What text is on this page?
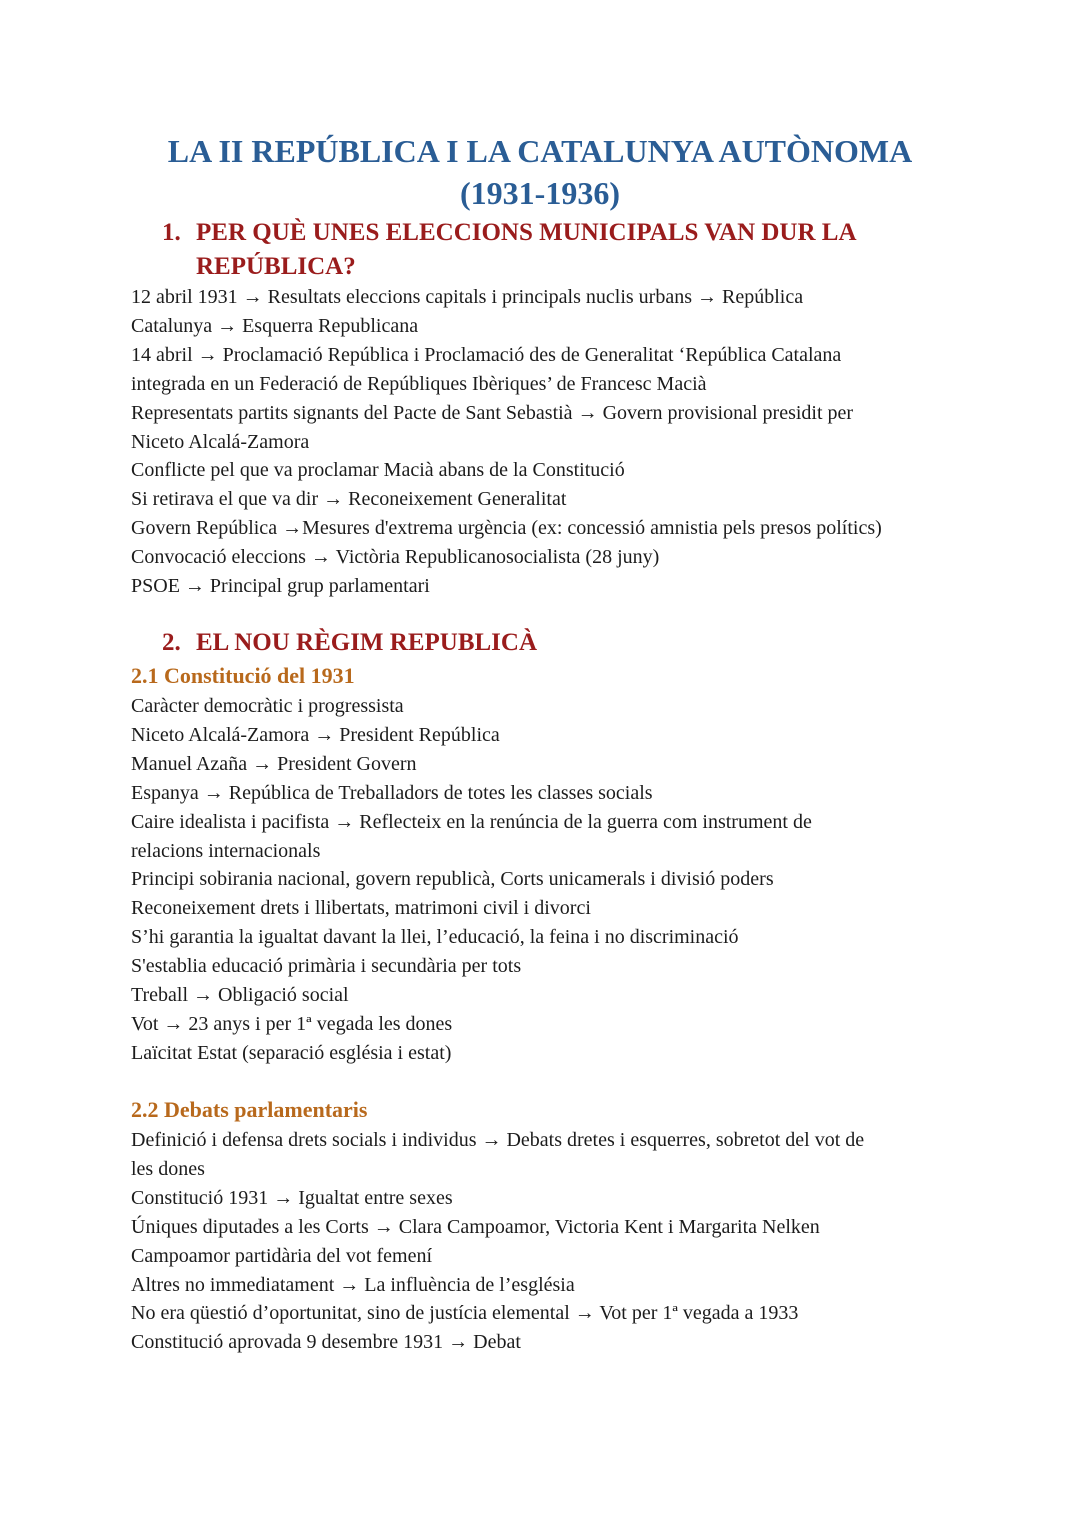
LA II REPÚBLICA I LA CATALUNYA AUTÒNOMA
(1931-1936)
1. PER QUÈ UNES ELECCIONS MUNICIPALS VAN DUR LA
REPÚBLICA?
12 abril 1931 → Resultats eleccions capitals i principals nuclis urbans → República
Catalunya → Esquerra Republicana
14 abril → Proclamació República i Proclamació des de Generalitat ‘República Catalana
integrada en un Federació de Repúbliques Ibèriques’ de Francesc Macià
Representats partits signants del Pacte de Sant Sebastià → Govern provisional presidit per
Niceto Alcalá-Zamora
Conflicte pel que va proclamar Macià abans de la Constitució
Si retirava el que va dir → Reconeixement Generalitat
Govern República →Mesures d'extrema urgència (ex: concessió amnistia pels presos polítics)
Convocació eleccions → Victòria Republicanosocialista (28 juny)
PSOE → Principal grup parlamentari
2. EL NOU RÈGIM REPUBLICÀ
2.1 Constitució del 1931
Caràcter democràtic i progressista
Niceto Alcalá-Zamora → President República
Manuel Azaña → President Govern
Espanya → República de Treballadors de totes les classes socials
Caire idealista i pacifista → Reflecteix en la renúncia de la guerra com instrument de
relacions internacionals
Principi sobirania nacional, govern republicà, Corts unicamerals i divisió poders
Reconeixement drets i llibertats, matrimoni civil i divorci
S’hi garantia la igualtat davant la llei, l’educació, la feina i no discriminació
S'establia educació primària i secundària per tots
Treball → Obligació social
Vot → 23 anys i per 1ª vegada les dones
Laïcitat Estat (separació església i estat)
2.2 Debats parlamentaris
Definició i defensa drets socials i individus → Debats dretes i esquerres, sobretot del vot de
les dones
Constitució 1931 → Igualtat entre sexes
Úniques diputades a les Corts → Clara Campoamor, Victoria Kent i Margarita Nelken
Campoamor partidària del vot femení
Altres no immediatament → La influència de l’església
No era qüestió d’oportunitat, sino de justícia elemental → Vot per 1ª vegada a 1933
Constitució aprovada 9 desembre 1931 → Debat
